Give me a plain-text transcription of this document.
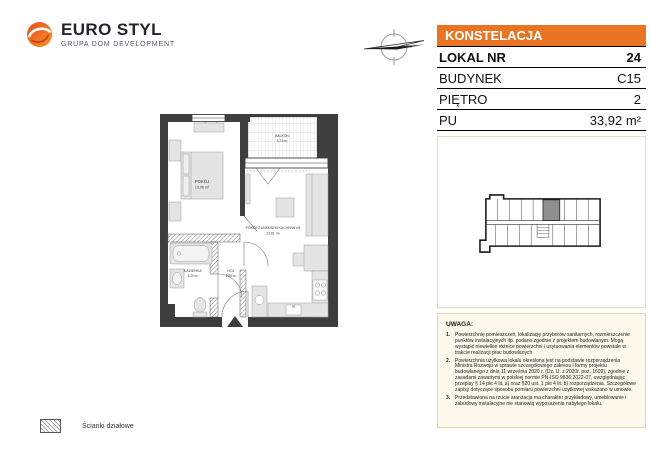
EURO STYL
GRUPA DOM DEVELOPMENT
KONSTELACJA
LOKAL NR	24
BUDYNEK	C15
PIĘTRO	2
PU	33,92 m²
UWAGA:
1. Powierzchnię pomieszczeń, lokalizację przyborów sanitarnych, rozmieszczenie punktów instalacyjnych itp. podano zgodnie z projektem budowlanym. Mogą wystąpić niewielkie różnice powierzchni i usytuowania elementów powstałe w trakcie realizacji prac budowlanych
2. Powierzchnia użytkowa lokalu określona jest na podstawie rozporządzenia Ministra Rozwoju w sprawie szczegółowego zakresu i formy projektu budowlanego z dnia 11 września 2020 r. (Dz. U. z 2020r. poz. 1609), zgodnie z zasadami zawartymi w polskiej normie PN-ISO 9836:2022-07, uwzględniając przepisy § 14 pkt 4 lit. a) oraz §20 ust. 1 pkt 4 lit. b) rozporządzenia. Szczegółowe zapisy dotyczące sposobu pomiaru powierzchni użytkowej wskazano w umowie.
3. Przedstawiona na rzucie aranżacja ma charakter przykładowy, umeblowanie i zabudowy instalacyjne nie stanowią wyposażenia nabytego lokalu.
Ścianki działowe
POKÓJ
13,06 m²
POKÓJ Z ANEKSEM KUCHENNYM
13,81 m²
ŁAZIENKA
4,20 m²
HOL
2,85 m²
BALKON
3,74 m²
